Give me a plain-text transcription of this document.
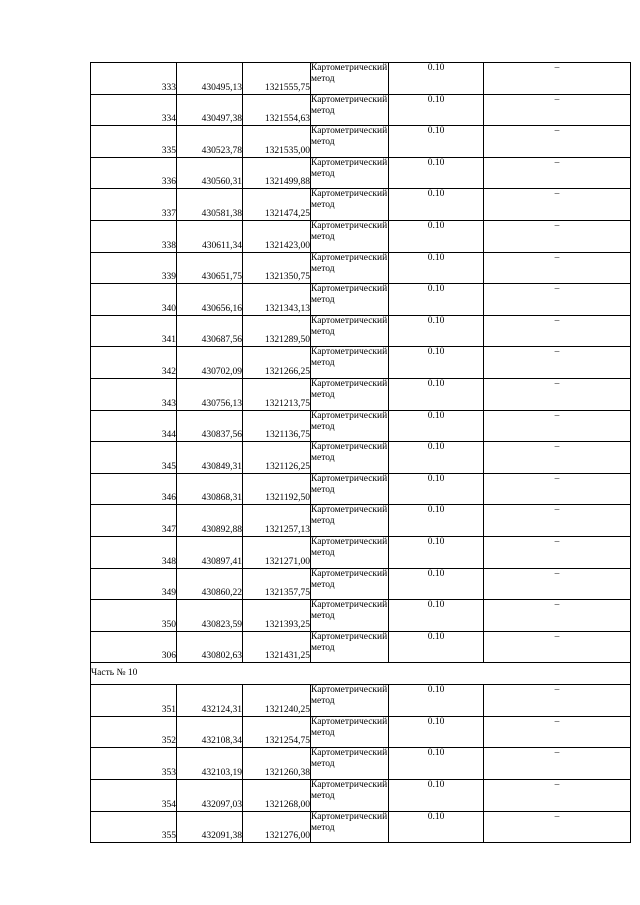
333	430495,13	1321555,75	Картометрический метод	0.10	–
334	430497,38	1321554,63	Картометрический метод	0.10	–
335	430523,78	1321535,00	Картометрический метод	0.10	–
336	430560,31	1321499,88	Картометрический метод	0.10	–
337	430581,38	1321474,25	Картометрический метод	0.10	–
338	430611,34	1321423,00	Картометрический метод	0.10	–
339	430651,75	1321350,75	Картометрический метод	0.10	–
340	430656,16	1321343,13	Картометрический метод	0.10	–
341	430687,56	1321289,50	Картометрический метод	0.10	–
342	430702,09	1321266,25	Картометрический метод	0.10	–
343	430756,13	1321213,75	Картометрический метод	0.10	–
344	430837,56	1321136,75	Картометрический метод	0.10	–
345	430849,31	1321126,25	Картометрический метод	0.10	–
346	430868,31	1321192,50	Картометрический метод	0.10	–
347	430892,88	1321257,13	Картометрический метод	0.10	–
348	430897,41	1321271,00	Картометрический метод	0.10	–
349	430860,22	1321357,75	Картометрический метод	0.10	–
350	430823,59	1321393,25	Картометрический метод	0.10	–
306	430802,63	1321431,25	Картометрический метод	0.10	–
Часть № 10					
351	432124,31	1321240,25	Картометрический метод	0.10	–
352	432108,34	1321254,75	Картометрический метод	0.10	–
353	432103,19	1321260,38	Картометрический метод	0.10	–
354	432097,03	1321268,00	Картометрический метод	0.10	–
355	432091,38	1321276,00	Картометрический метод	0.10	–
